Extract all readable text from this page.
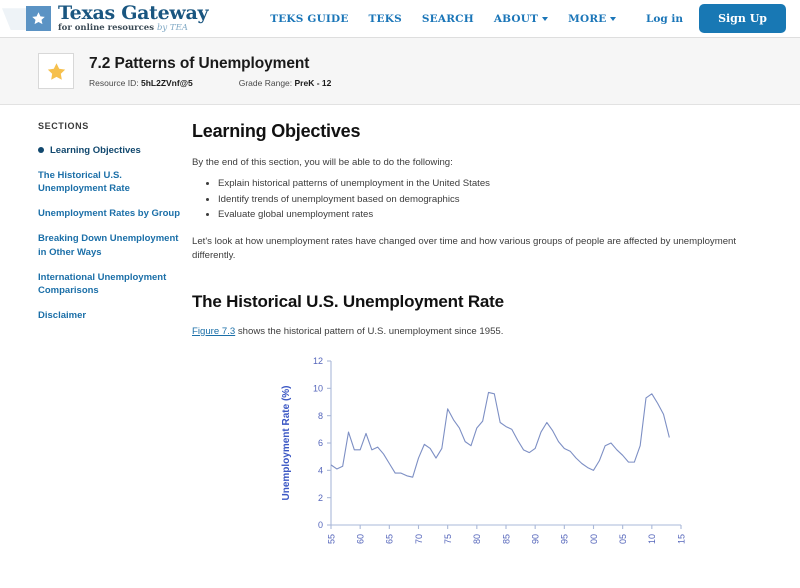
Texas Gateway
for online resources by TEA
TEKS GUIDE TEKS SEARCH ABOUT	MORE	Log in	Sign Up
7.2 Patterns of Unemployment
Resource ID: 5hL2ZVnf@5	Grade Range: PreK - 12
SECTIONS
Learning Objectives
The Historical U.S. Unemployment Rate
Unemployment Rates by Group
Breaking Down Unemployment in Other Ways
International Unemployment Comparisons
Disclaimer
Learning Objectives

By the end of this section, you will be able to do the following:

• Explain historical patterns of unemployment in the United States
• Identify trends of unemployment based on demographics
• Evaluate global unemployment rates

Let's look at how unemployment rates have changed over time and how various groups of people are affected by unemployment differently.

The Historical U.S. Unemployment Rate

Figure 7.3 shows the historical pattern of U.S. unemployment since 1955.

0
2
4
6
8
10
12
55 60 65 70 75 80 85 90 95 00 05 10 15
Unemployment Rate (%)
